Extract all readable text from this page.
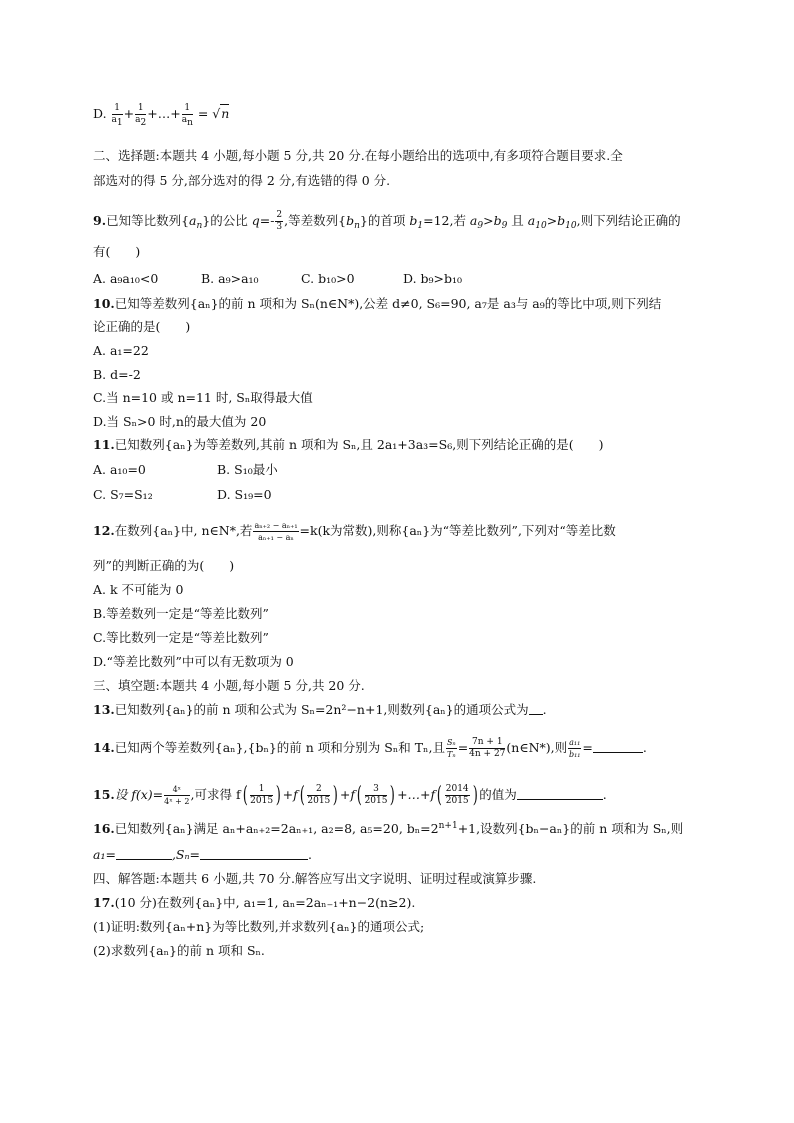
D. $\frac{1}{a_1} + \frac{1}{a_2}$ +…+ $\frac{1}{a_n} = √n$
二、选择题:本题共 4 小题,每小题 5 分,共 20 分.在每小题给出的选项中,有多项符合题目要求.全
部选对的得 5 分,部分选对的得 2 分,有选错的得 0 分.
9.已知等比数列$\{a_n\}$的公比 $q=- \frac{2}{3}$ ,等差数列$\{b_n\}$的首项 $b_1=12$,若 $a_9>b_9$ 且 $a_{10}>b_{10}$,则下列结论正确的
有(　　)
A. a₉a₁₀<0	B. a₉>a₁₀	C. b₁₀>0	D. b₉>b₁₀
10.已知等差数列{aₙ}的前 n 项和为 Sₙ(n∈N*),公差 d≠0, S₆=90, a₇是 a₃与 a₉的等比中项,则下列结
论正确的是(　　)
A. a₁=22
B. d=-2
C.当 n=10 或 n=11 时, Sₙ取得最大值
D.当 Sₙ>0 时,n的最大值为 20
11.已知数列{aₙ}为等差数列,其前 n 项和为 Sₙ,且 2a₁+3a₃=S₆,则下列结论正确的是(　　)
A. a₁₀=0	B. S₁₀最小
C. S₇=S₁₂	D. S₁₉=0
12.在数列{aₙ}中, n∈N*,若 $\frac{\text{aₙ₊₂ − aₙ₊₁}}{\text{aₙ₊₁ − aₙ}} =k(k$为常数),则称{aₙ}为“等差比数列”,下列对“等差比数
列”的判断正确的为(　　)
A. k 不可能为 0
B.等差数列一定是“等差比数列”
C.等比数列一定是“等差比数列”
D.“等差比数列”中可以有无数项为 0
三、填空题:本题共 4 小题,每小题 5 分,共 20 分.
13.已知数列{aₙ}的前 n 项和公式为 Sₙ=2n²−n+1,则数列{aₙ}的通项公式为 .
14.已知两个等差数列{aₙ},{bₙ}的前 n 项和分别为 Sₙ和 Tₙ,且 $\frac{\text{Sₙ}}{\text{Tₙ}} = \frac{7n + 1}{4n + 27}$ (n∈N*),则 $\frac{\text{a₁₁}}{\text{b₁₁}}$ =	.
15.设 $f(x)= \frac{\text{4ˣ}}{\text{4ˣ + 2}}$ ,可求得 $f( \frac{1}{2015}$ ) $+f( \frac{2}{2015}$ ) $+f( \frac{3}{2015}$ ) +…+f( $\frac{2014}{2015}$ ) 的值为	.
16.已知数列{aₙ}满足 aₙ+aₙ₊₂=2aₙ₊₁, a₂=8, a₅=20, $b_n=2^{n+1}+1$,设数列{bₙ−aₙ}的前 n 项和为 Sₙ,则
a₁=	,Sₙ=	.
四、解答题:本题共 6 小题,共 70 分.解答应写出文字说明、证明过程或演算步骤.
17.(10 分)在数列{aₙ}中, a₁=1, aₙ=2aₙ₋₁+n−2(n≥2).
(1)证明:数列{aₙ+n}为等比数列,并求数列{aₙ}的通项公式;
(2)求数列{aₙ}的前 n 项和 Sₙ.
